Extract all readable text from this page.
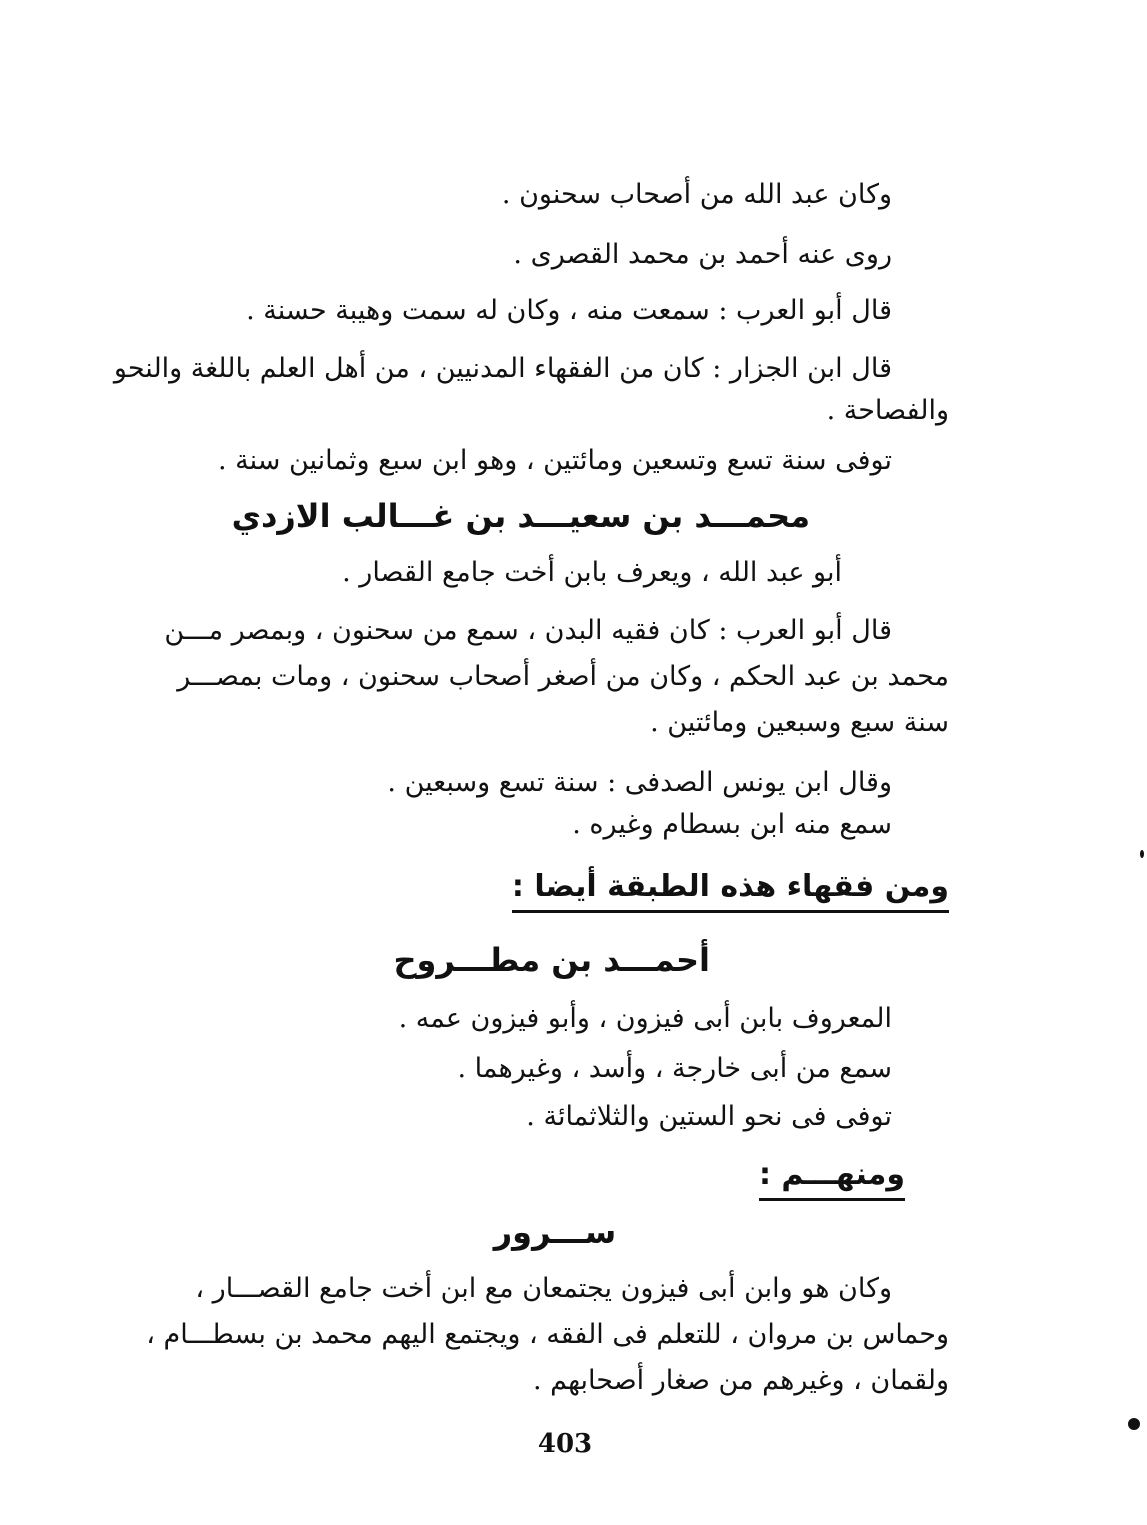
وكان عبد الله من أصحاب سحنون .
روى عنه أحمد بن محمد القصرى .
قال أبو العرب : سمعت منه ، وكان له سمت وهيبة حسنة .
قال ابن الجزار : كان من الفقهاء المدنيين ، من أهل العلم باللغة والنحو
والفصاحة .
توفى سنة تسع وتسعين ومائتين ، وهو ابن سبع وثمانين سنة .
محمـــد بن سعيـــد بن غـــالب الازدي
أبو عبد الله ، ويعرف بابن أخت جامع القصار .
قال أبو العرب : كان فقيه البدن ، سمع من سحنون ، وبمصر مـــن
محمد بن عبد الحكم ، وكان من أصغر أصحاب سحنون ، ومات بمصـــر
سنة سبع وسبعين ومائتين .
وقال ابن يونس الصدفى : سنة تسع وسبعين .
سمع منه ابن بسطام وغيره .
ومن فقهاء هذه الطبقة أيضا :
أحمـــد بن مطـــروح
المعروف بابن أبى فيزون ، وأبو فيزون عمه .
سمع من أبى خارجة ، وأسد ، وغيرهما .
توفى فى نحو الستين والثلاثمائة .
ومنهـــم :
ســـرور
وكان هو وابن أبى فيزون يجتمعان مع ابن أخت جامع القصـــار ،
وحماس بن مروان ، للتعلم فى الفقه ، ويجتمع اليهم محمد بن بسطـــام ،
ولقمان ، وغيرهم من صغار أصحابهم .
403
